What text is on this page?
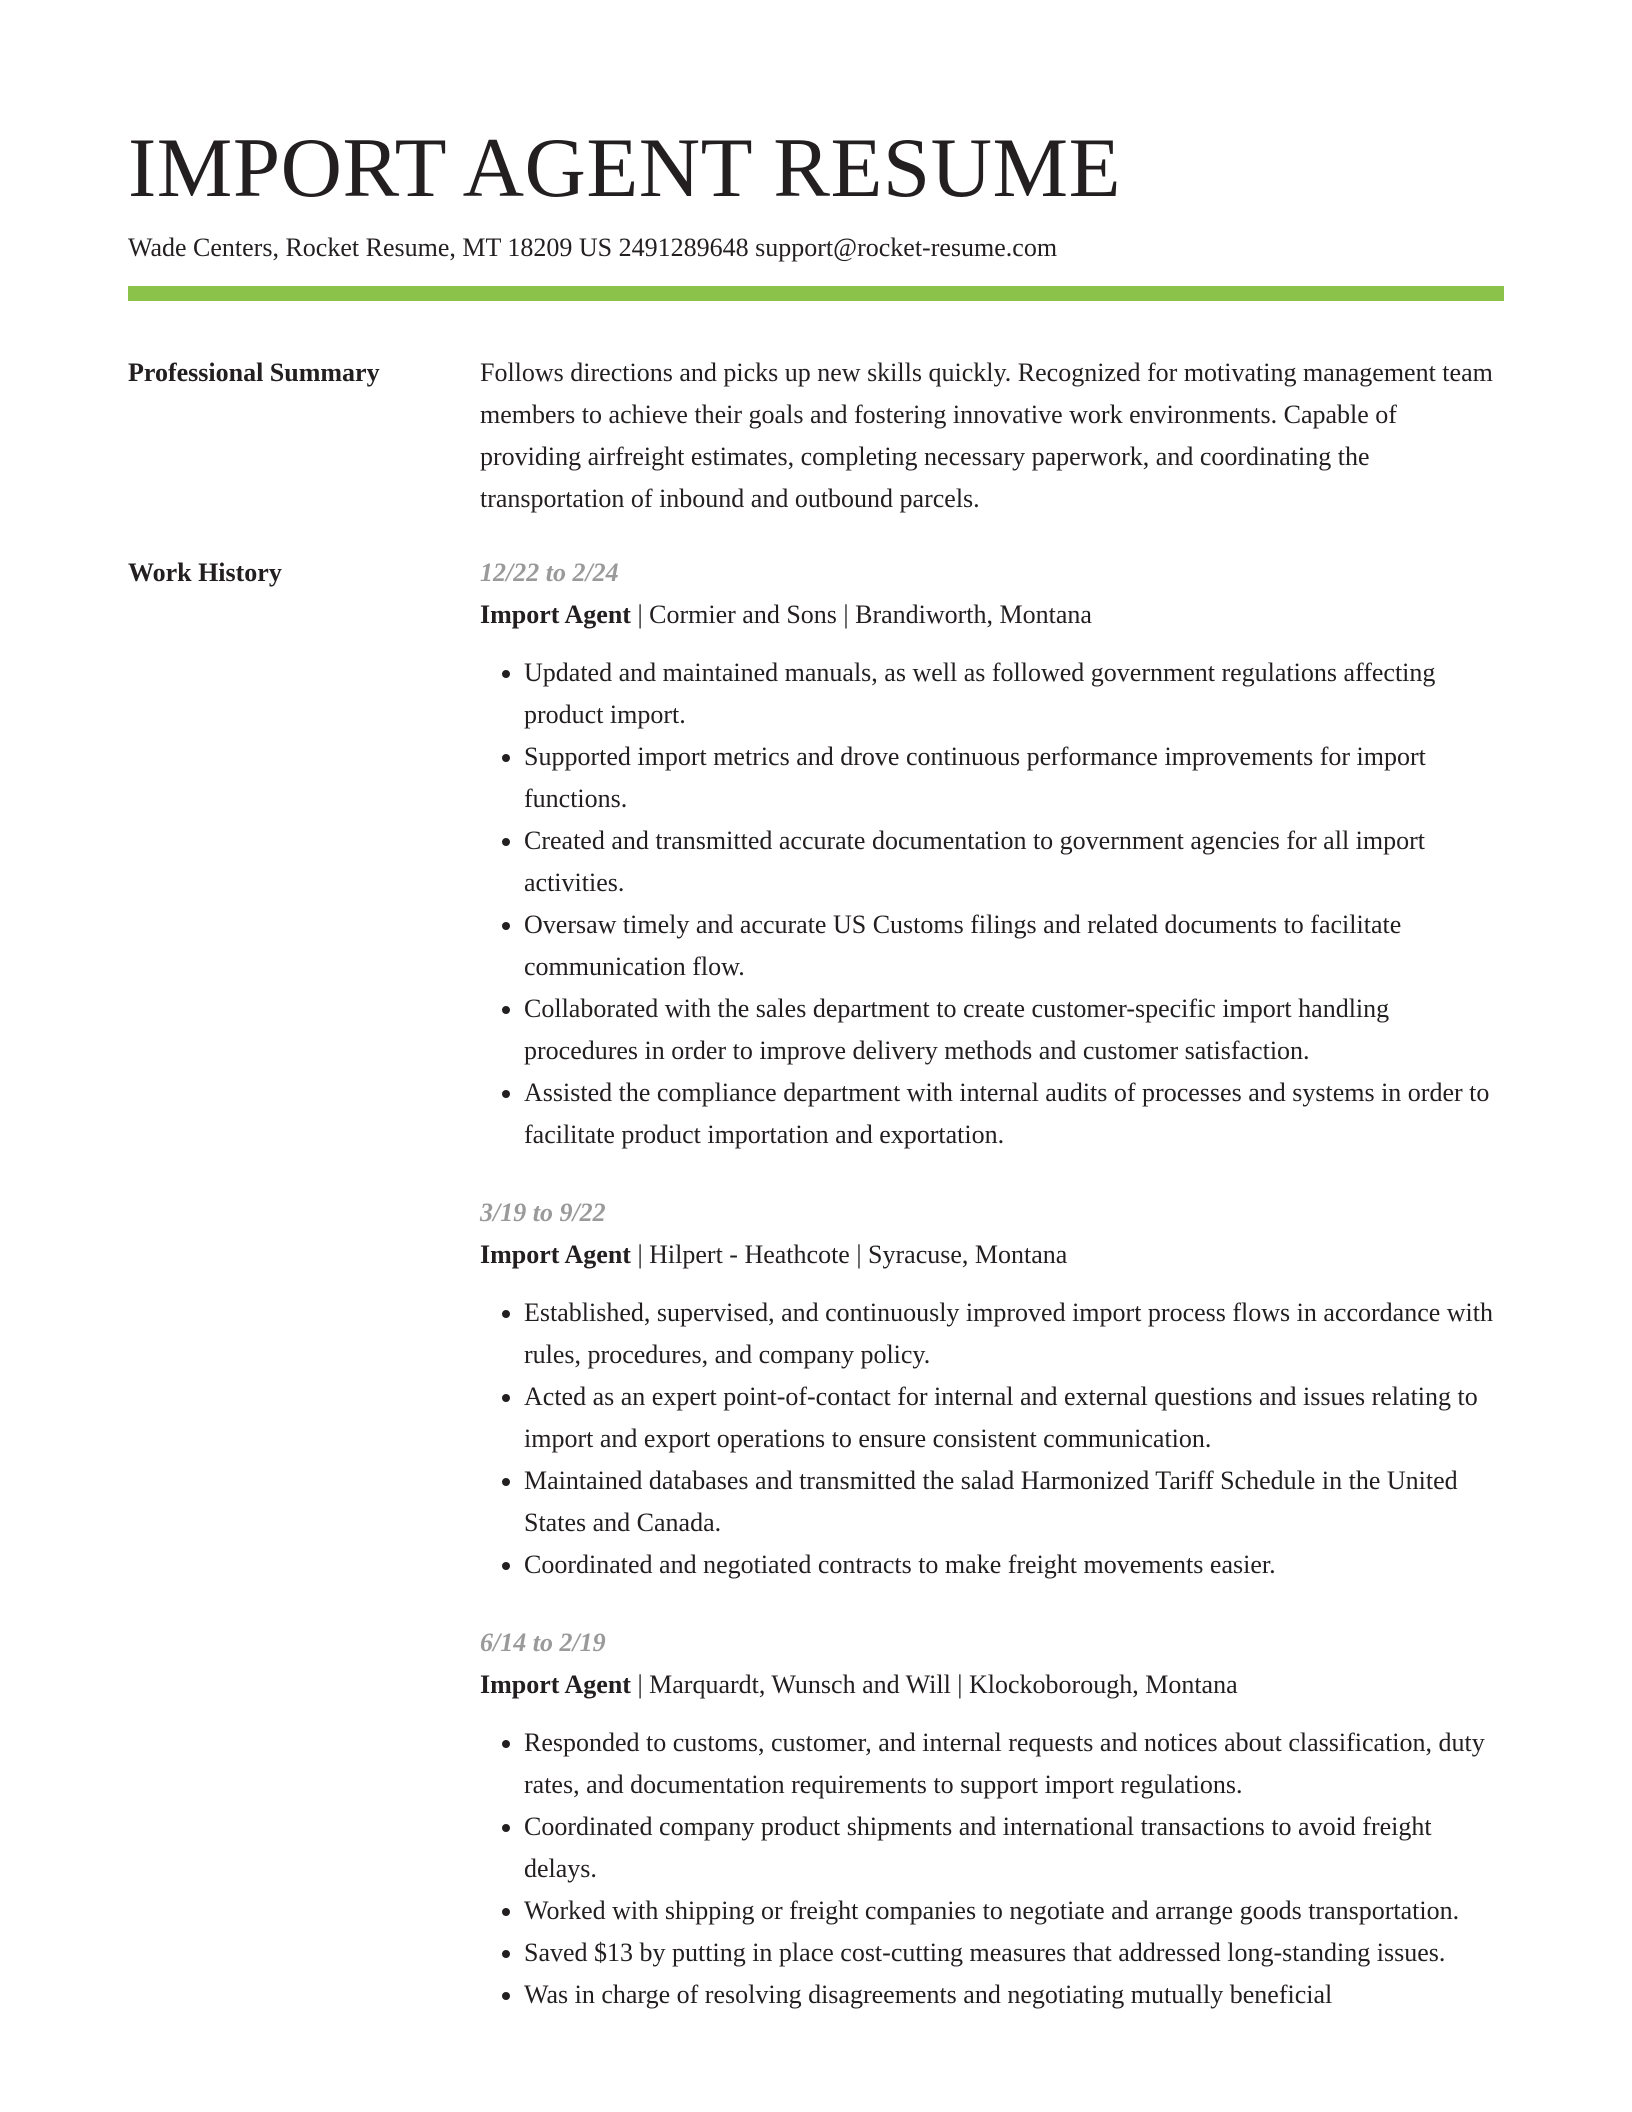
IMPORT AGENT RESUME
Wade Centers, Rocket Resume, MT 18209 US 2491289648 support@rocket-resume.com
Professional Summary	Follows directions and picks up new skills quickly. Recognized for motivating management team members to achieve their goals and fostering innovative work environments. Capable of providing airfreight estimates, completing necessary paperwork, and coordinating the transportation of inbound and outbound parcels.

Work History	12/22 to 2/24
Import Agent | Cormier and Sons | Brandiworth, Montana
• Updated and maintained manuals, as well as followed government regulations affecting product import.
• Supported import metrics and drove continuous performance improvements for import functions.
• Created and transmitted accurate documentation to government agencies for all import activities.
• Oversaw timely and accurate US Customs filings and related documents to facilitate communication flow.
• Collaborated with the sales department to create customer-specific import handling procedures in order to improve delivery methods and customer satisfaction.
• Assisted the compliance department with internal audits of processes and systems in order to facilitate product importation and exportation.
3/19 to 9/22
Import Agent | Hilpert - Heathcote | Syracuse, Montana
• Established, supervised, and continuously improved import process flows in accordance with rules, procedures, and company policy.
• Acted as an expert point-of-contact for internal and external questions and issues relating to import and export operations to ensure consistent communication.
• Maintained databases and transmitted the salad Harmonized Tariff Schedule in the United States and Canada.
• Coordinated and negotiated contracts to make freight movements easier.
6/14 to 2/19
Import Agent | Marquardt, Wunsch and Will | Klockoborough, Montana
• Responded to customs, customer, and internal requests and notices about classification, duty rates, and documentation requirements to support import regulations.
• Coordinated company product shipments and international transactions to avoid freight delays.
• Worked with shipping or freight companies to negotiate and arrange goods transportation.
• Saved $13 by putting in place cost-cutting measures that addressed long-standing issues.
• Was in charge of resolving disagreements and negotiating mutually beneficial
